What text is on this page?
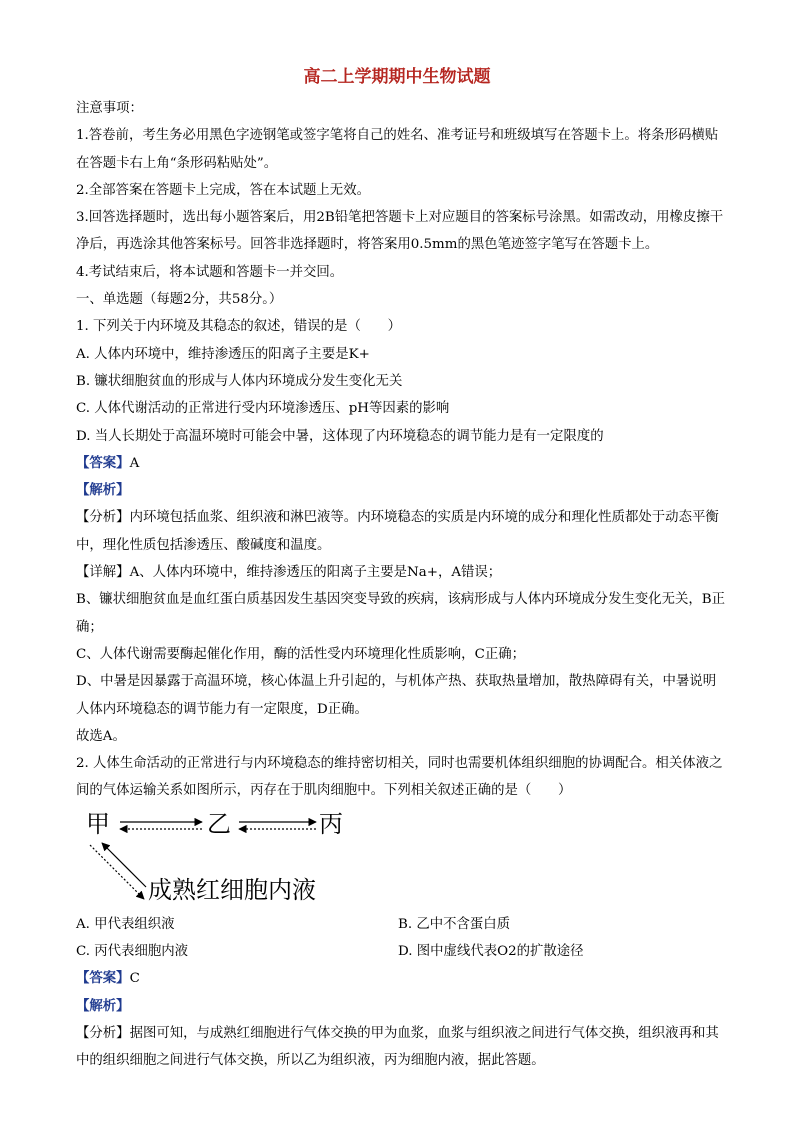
高二上学期期中生物试题

注意事项：

1.答卷前，考生务必用黑色字迹钢笔或签字笔将自己的姓名、准考证号和班级填写在答题卡上。将条形码横贴在答题卡右上角“条形码粘贴处”。

2.全部答案在答题卡上完成，答在本试题上无效。

3.回答选择题时，选出每小题答案后，用2B铅笔把答题卡上对应题目的答案标号涂黑。如需改动，用橡皮擦干净后，再选涂其他答案标号。回答非选择题时，将答案用0.5mm的黑色笔迹签字笔写在答题卡上。

4.考试结束后，将本试题和答题卡一并交回。

一、单选题（每题2分，共58分。）

1. 下列关于内环境及其稳态的叙述，错误的是（　　）

A. 人体内环境中，维持渗透压的阳离子主要是K+

B. 镰状细胞贫血的形成与人体内环境成分发生变化无关

C. 人体代谢活动的正常进行受内环境渗透压、pH等因素的影响

D. 当人长期处于高温环境时可能会中暑，这体现了内环境稳态的调节能力是有一定限度的

【答案】A

【解析】

【分析】内环境包括血浆、组织液和淋巴液等。内环境稳态的实质是内环境的成分和理化性质都处于动态平衡中，理化性质包括渗透压、酸碱度和温度。

【详解】A、人体内环境中，维持渗透压的阳离子主要是Na+，A错误；

B、镰状细胞贫血是血红蛋白质基因发生基因突变导致的疾病，该病形成与人体内环境成分发生变化无关，B正确；

C、人体代谢需要酶起催化作用，酶的活性受内环境理化性质影响，C正确；

D、中暑是因暴露于高温环境，核心体温上升引起的，与机体产热、获取热量增加，散热障碍有关，中暑说明人体内环境稳态的调节能力有一定限度，D正确。

故选A。

2. 人体生命活动的正常进行与内环境稳态的维持密切相关，同时也需要机体组织细胞的协调配合。相关体液之间的气体运输关系如图所示，丙存在于肌肉细胞中。下列相关叙述正确的是（　　）

甲	乙	丙
成熟红细胞内液

A. 甲代表组织液	B. 乙中不含蛋白质

C. 丙代表细胞内液	D. 图中虚线代表O2的扩散途径

【答案】C

【解析】

【分析】据图可知，与成熟红细胞进行气体交换的甲为血浆，血浆与组织液之间进行气体交换，组织液再和其中的组织细胞之间进行气体交换，所以乙为组织液，丙为细胞内液，据此答题。
